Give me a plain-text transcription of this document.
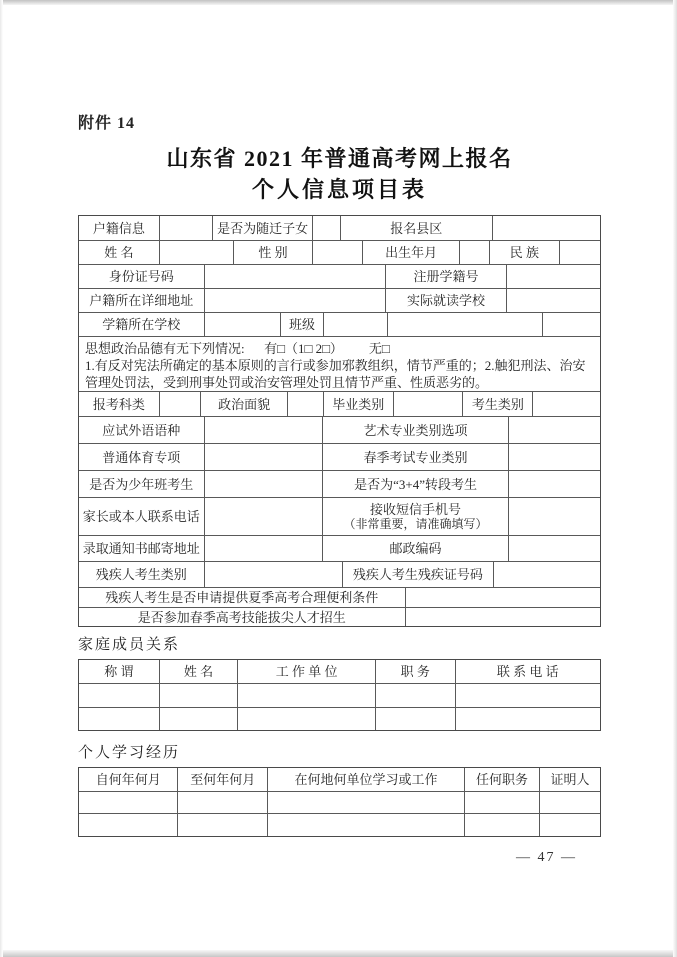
附件 14
山东省 2021 年普通高考网上报名
个人信息项目表
户籍信息	是否为随迁子女	报名县区
姓 名	性 别	出生年月	民 族
身份证号码	注册学籍号
户籍所在详细地址	实际就读学校
学籍所在学校	班级
思想政治品德有无下列情况:      有□（1□ 2□）        无□
1.有反对宪法所确定的基本原则的言行或参加邪教组织，情节严重的；2.触犯刑法、治安管理处罚法，受到刑事处罚或治安管理处罚且情节严重、性质恶劣的。
报考科类	政治面貌	毕业类别	考生类别
应试外语语种	艺术专业类别选项
普通体育专项	春季考试专业类别
是否为少年班考生	是否为“3+4”转段考生
家长或本人联系电话	接收短信手机号
（非常重要，请准确填写）
录取通知书邮寄地址	邮政编码
残疾人考生类别	残疾人考生残疾证号码
残疾人考生是否申请提供夏季高考合理便利条件
是否参加春季高考技能拔尖人才招生
家庭成员关系
称 谓	姓 名	工 作 单 位	职 务	联 系 电 话
个人学习经历
自何年何月	至何年何月	在何地何单位学习或工作	任何职务	证明人
— 47 —
